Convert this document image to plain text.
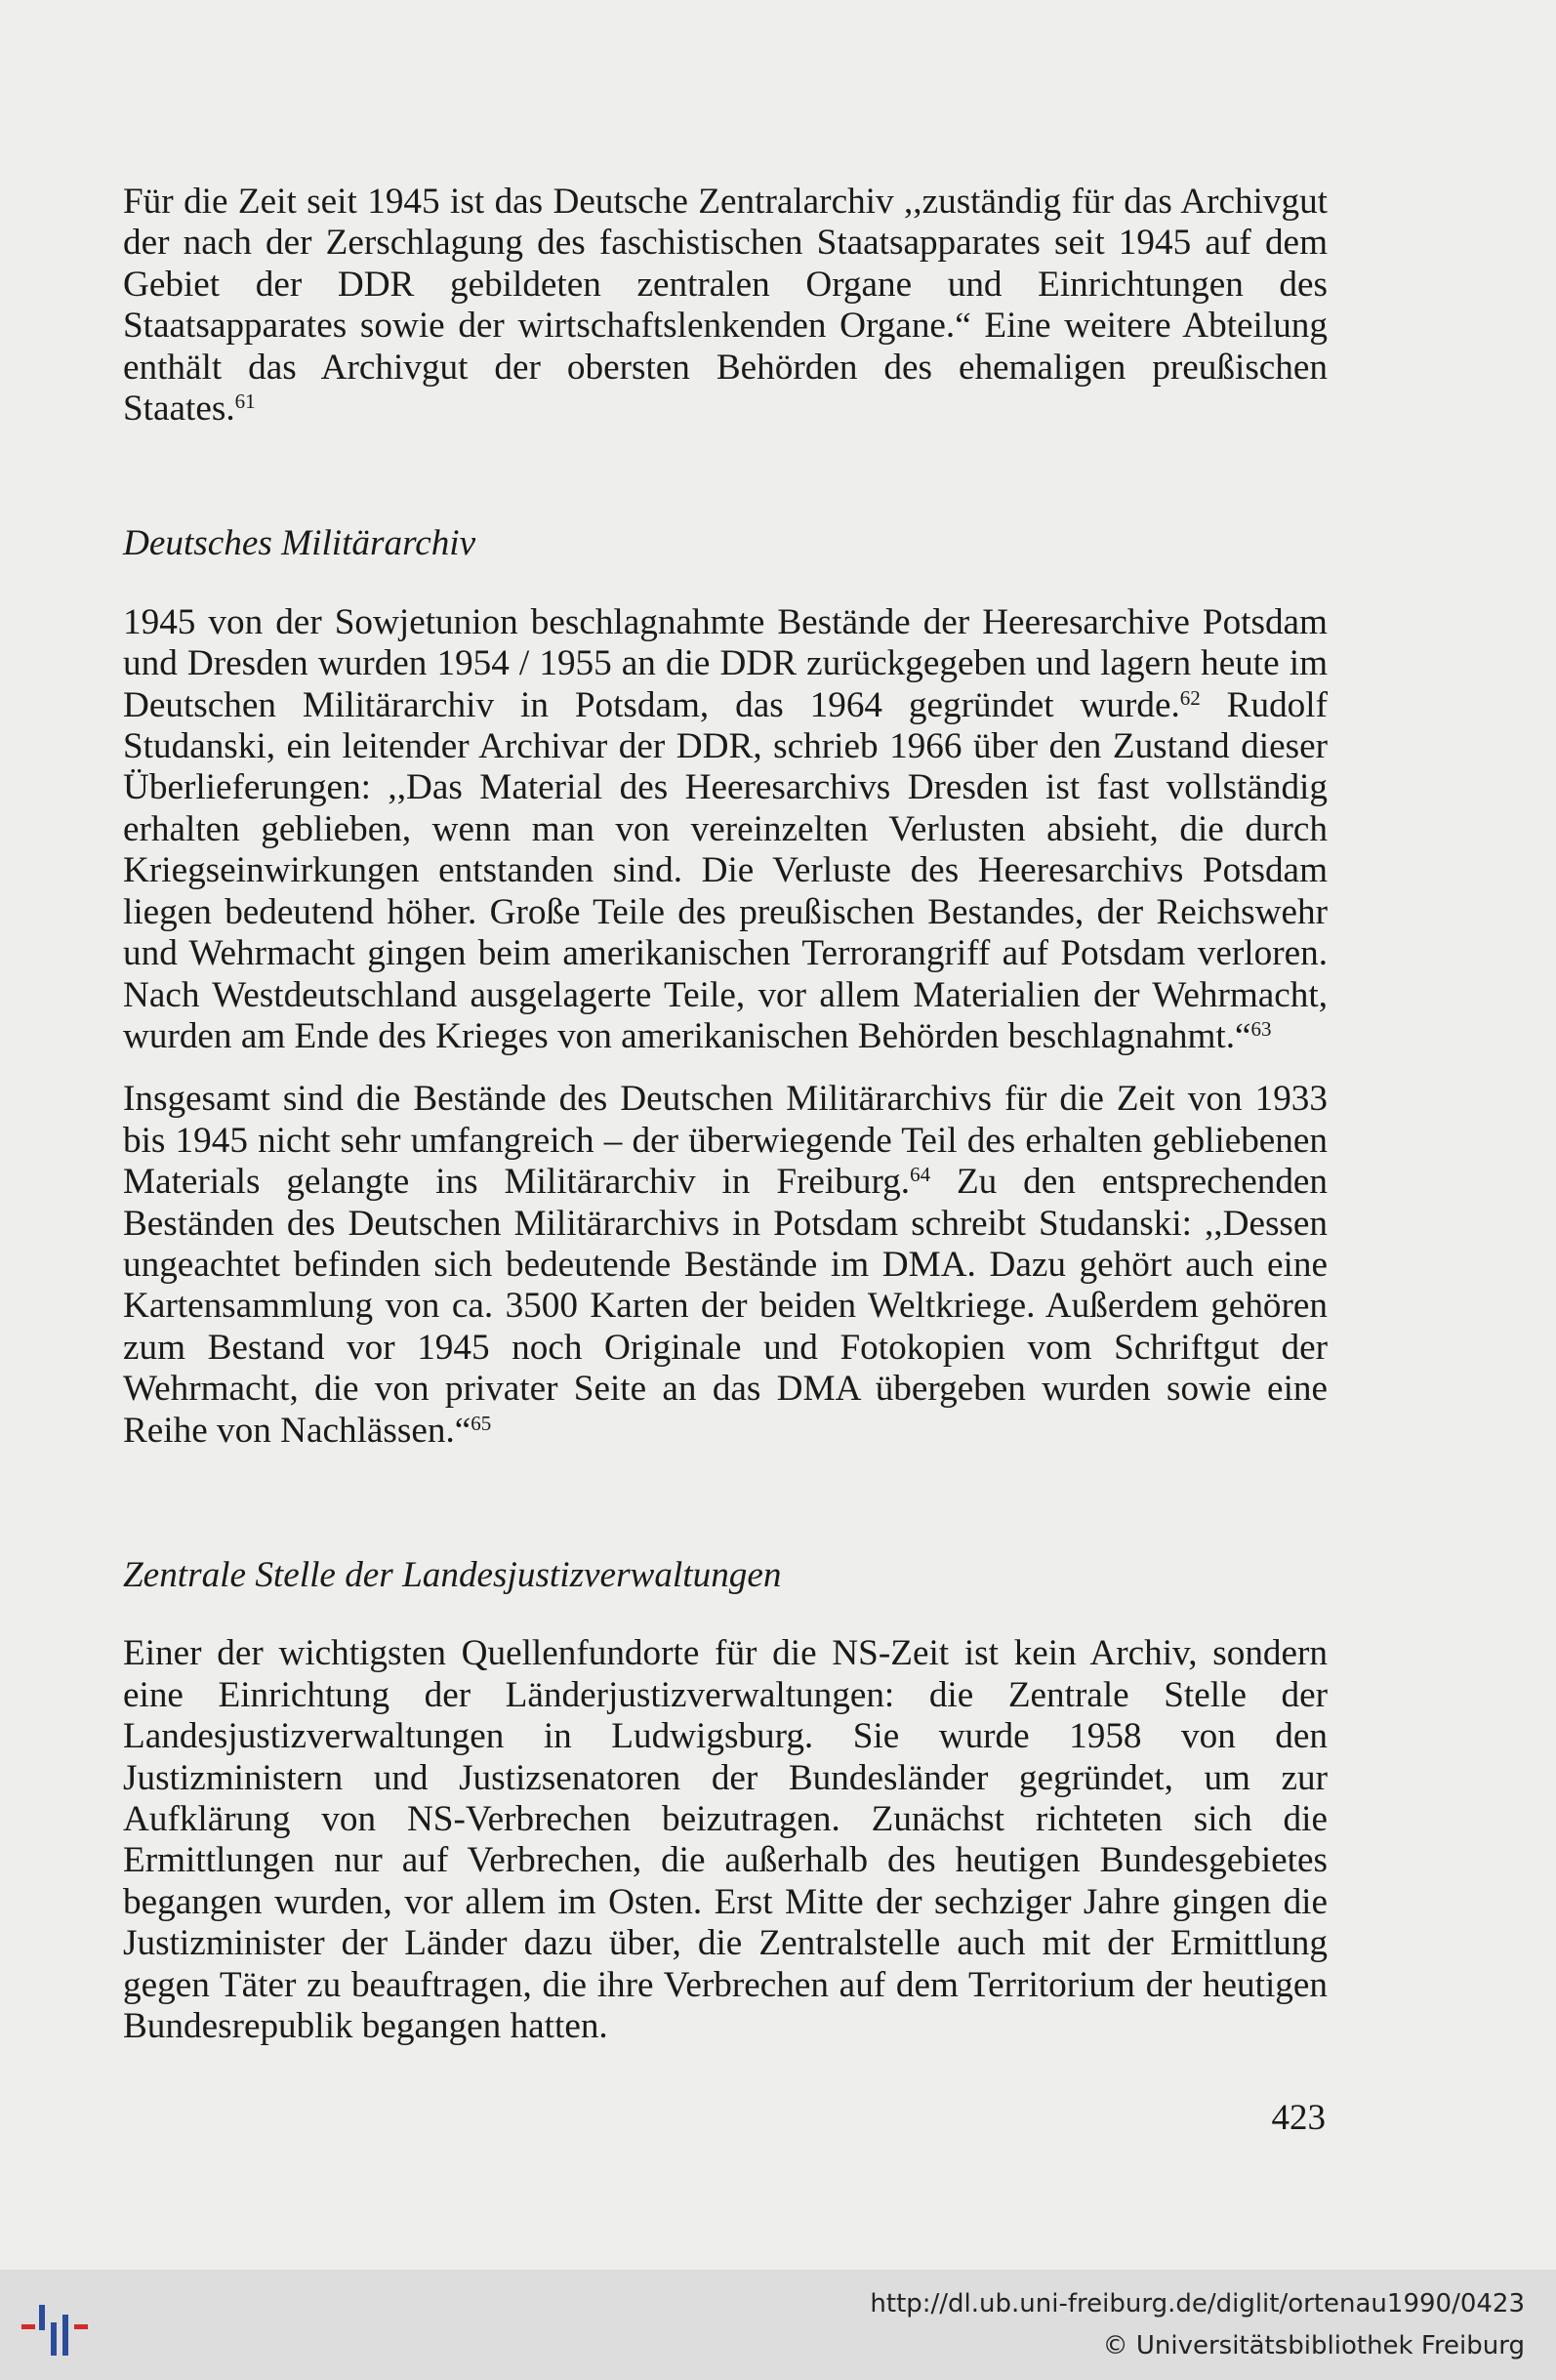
Für die Zeit seit 1945 ist das Deutsche Zentralarchiv ,,zuständig für das Archivgut der nach der Zerschlagung des faschistischen Staatsapparates seit 1945 auf dem Gebiet der DDR gebildeten zentralen Organe und Einrichtungen des Staatsapparates sowie der wirtschaftslenkenden Organe.“ Eine weitere Abteilung enthält das Archivgut der obersten Behörden des ehemaligen preußischen Staates.$^{61}$

Deutsches Militärarchiv

1945 von der Sowjetunion beschlagnahmte Bestände der Heeresarchive Potsdam und Dresden wurden 1954 / 1955 an die DDR zurückgegeben und lagern heute im Deutschen Militärarchiv in Potsdam, das 1964 gegründet wurde.$^{62}$ Rudolf Studanski, ein leitender Archivar der DDR, schrieb 1966 über den Zustand dieser Überlieferungen: ,,Das Material des Heeresarchivs Dresden ist fast vollständig erhalten geblieben, wenn man von vereinzelten Verlusten absieht, die durch Kriegseinwirkungen entstanden sind. Die Verluste des Heeresarchivs Potsdam liegen bedeutend höher. Große Teile des preußischen Bestandes, der Reichswehr und Wehrmacht gingen beim amerikanischen Terrorangriff auf Potsdam verloren. Nach Westdeutschland ausgelagerte Teile, vor allem Materialien der Wehrmacht, wurden am Ende des Krieges von amerikanischen Behörden beschlagnahmt.“$^{63}$

Insgesamt sind die Bestände des Deutschen Militärarchivs für die Zeit von 1933 bis 1945 nicht sehr umfangreich – der überwiegende Teil des erhalten gebliebenen Materials gelangte ins Militärarchiv in Freiburg.$^{64}$ Zu den entsprechenden Beständen des Deutschen Militärarchivs in Potsdam schreibt Studanski: ,,Dessen ungeachtet befinden sich bedeutende Bestände im DMA. Dazu gehört auch eine Kartensammlung von ca. 3500 Karten der beiden Weltkriege. Außerdem gehören zum Bestand vor 1945 noch Originale und Fotokopien vom Schriftgut der Wehrmacht, die von privater Seite an das DMA übergeben wurden sowie eine Reihe von Nachlässen.“$^{65}$

Zentrale Stelle der Landesjustizverwaltungen

Einer der wichtigsten Quellenfundorte für die NS-Zeit ist kein Archiv, sondern eine Einrichtung der Länderjustizverwaltungen: die Zentrale Stelle der Landesjustizverwaltungen in Ludwigsburg. Sie wurde 1958 von den Justizministern und Justizsenatoren der Bundesländer gegründet, um zur Aufklärung von NS-Verbrechen beizutragen. Zunächst richteten sich die Ermittlungen nur auf Verbrechen, die außerhalb des heutigen Bundesgebietes begangen wurden, vor allem im Osten. Erst Mitte der sechziger Jahre gingen die Justizminister der Länder dazu über, die Zentralstelle auch mit der Ermittlung gegen Täter zu beauftragen, die ihre Verbrechen auf dem Territorium der heutigen Bundesrepublik begangen hatten.

423
http://dl.ub.uni-freiburg.de/diglit/ortenau1990/0423
© Universitätsbibliothek Freiburg
